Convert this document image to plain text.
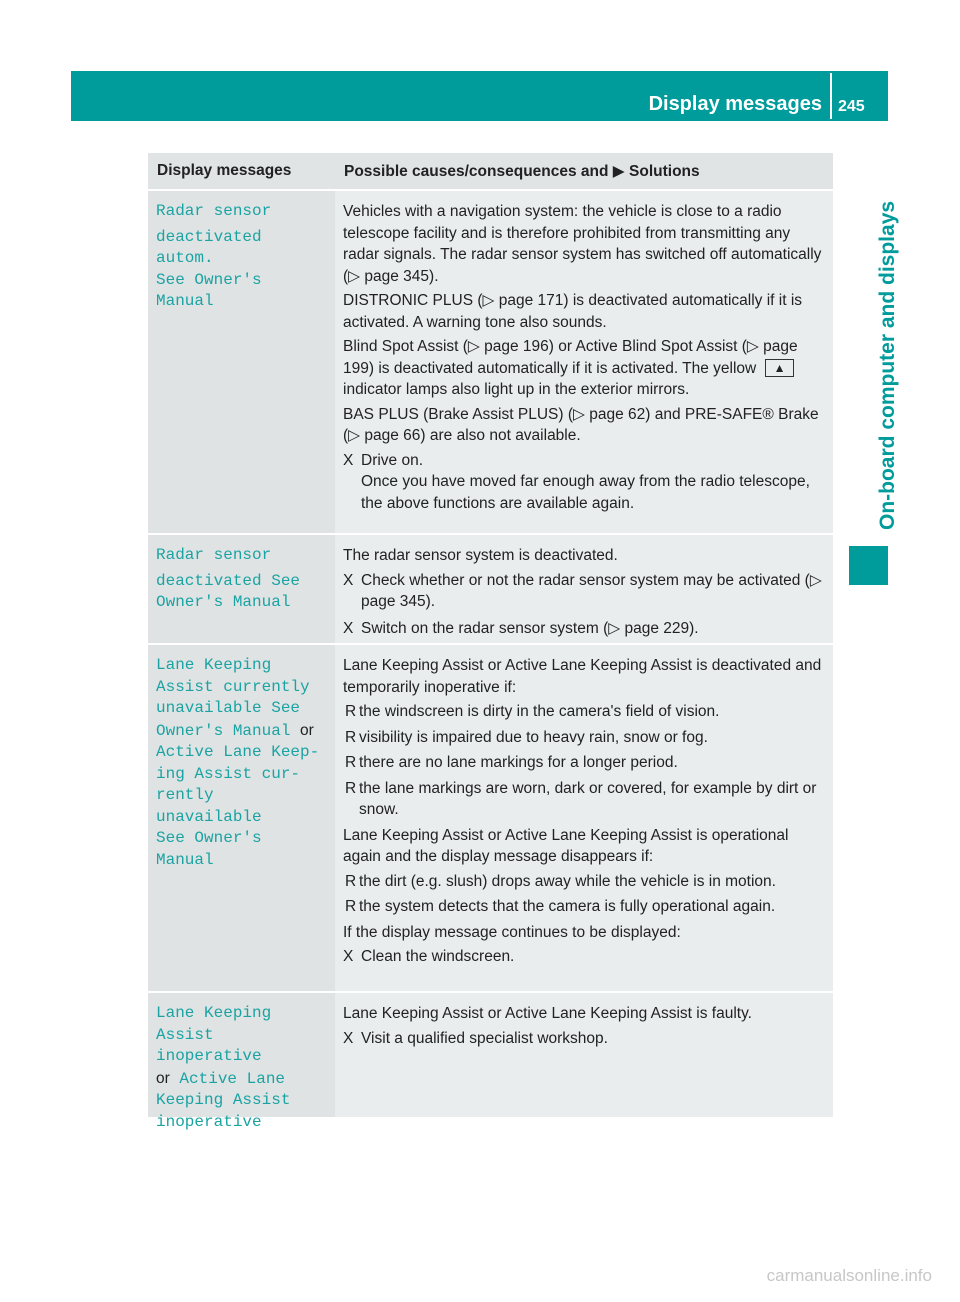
Display messages 245
On-board computer and displays
Display messages	Possible causes/consequences and ▶ Solutions

Radar sensor

deactivated autom.

See Owner's Manual

Vehicles with a navigation system: the vehicle is close to a radio telescope facility and is therefore prohibited from transmitting any radar signals. The radar sensor system has switched off automatically (▷ page 345).

DISTRONIC PLUS (▷ page 171) is deactivated automatically if it is activated. A warning tone also sounds.

Blind Spot Assist (▷ page 196) or Active Blind Spot Assist (▷ page 199) is deactivated automatically if it is activated. The yellow ▲ indicator lamps also light up in the exterior mirrors.

BAS PLUS (Brake Assist PLUS) (▷ page 62) and PRE-SAFE® Brake (▷ page 66) are also not available.

X Drive on.
Once you have moved far enough away from the radio telescope, the above functions are available again.

Radar sensor

deactivated See

Owner's Manual

The radar sensor system is deactivated.

X Check whether or not the radar sensor system may be activated (▷ page 345).
X Switch on the radar sensor system (▷ page 229).

Lane Keeping

Assist currently

unavailable See

Owner's Manual or

Active Lane Keep‐

ing Assist cur‐

rently unavailable

See Owner's Manual

Lane Keeping Assist or Active Lane Keeping Assist is deactivated and temporarily inoperative if:

R the windscreen is dirty in the camera's field of vision.
R visibility is impaired due to heavy rain, snow or fog.
R there are no lane markings for a longer period.
R the lane markings are worn, dark or covered, for example by dirt or snow.

Lane Keeping Assist or Active Lane Keeping Assist is operational again and the display message disappears if:

R the dirt (e.g. slush) drops away while the vehicle is in motion.
R the system detects that the camera is fully operational again.

If the display message continues to be displayed:

X Clean the windscreen.

Lane Keeping

Assist inoperative

or Active Lane

Keeping Assist

inoperative

Lane Keeping Assist or Active Lane Keeping Assist is faulty.

X Visit a qualified specialist workshop.
carmanualsonline.info
